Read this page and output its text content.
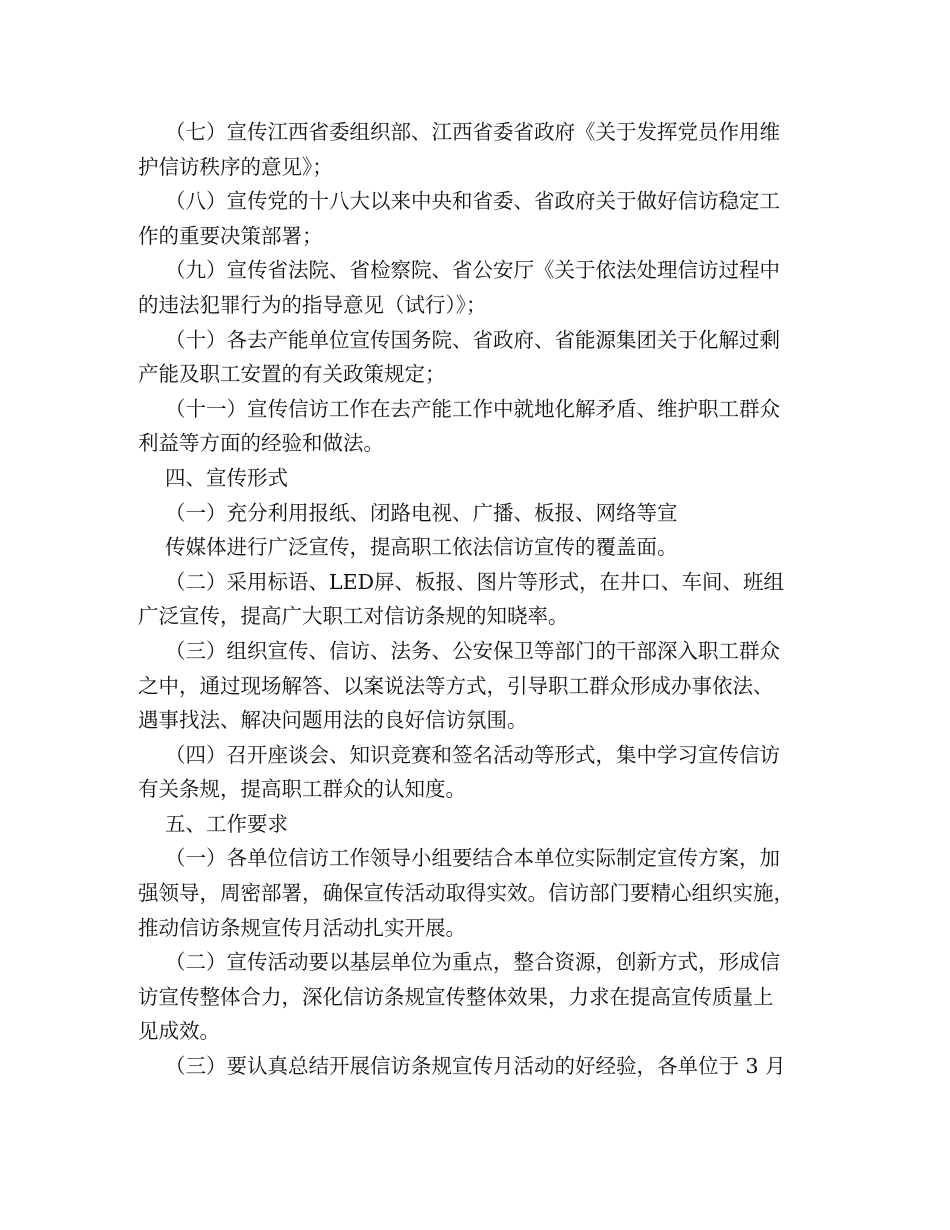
（七）宣传江西省委组织部、江西省委省政府《关于发挥党员作用维
护信访秩序的意见》；
（八）宣传党的十八大以来中央和省委、省政府关于做好信访稳定工
作的重要决策部署；
（九）宣传省法院、省检察院、省公安厅《关于依法处理信访过程中
的违法犯罪行为的指导意见（试行）》；
（十）各去产能单位宣传国务院、省政府、省能源集团关于化解过剩
产能及职工安置的有关政策规定；
（十一）宣传信访工作在去产能工作中就地化解矛盾、维护职工群众
利益等方面的经验和做法。
四、宣传形式
（一）充分利用报纸、闭路电视、广播、板报、网络等宣
传媒体进行广泛宣传，提高职工依法信访宣传的覆盖面。
（二）采用标语、LED屏、板报、图片等形式，在井口、车间、班组
广泛宣传，提高广大职工对信访条规的知晓率。
（三）组织宣传、信访、法务、公安保卫等部门的干部深入职工群众
之中，通过现场解答、以案说法等方式，引导职工群众形成办事依法、
遇事找法、解决问题用法的良好信访氛围。
（四）召开座谈会、知识竞赛和签名活动等形式，集中学习宣传信访
有关条规，提高职工群众的认知度。
五、工作要求
（一）各单位信访工作领导小组要结合本单位实际制定宣传方案，加
强领导，周密部署，确保宣传活动取得实效。信访部门要精心组织实施，
推动信访条规宣传月活动扎实开展。
（二）宣传活动要以基层单位为重点，整合资源，创新方式，形成信
访宣传整体合力，深化信访条规宣传整体效果，力求在提高宣传质量上
见成效。
（三）要认真总结开展信访条规宣传月活动的好经验，各单位于 3 月
